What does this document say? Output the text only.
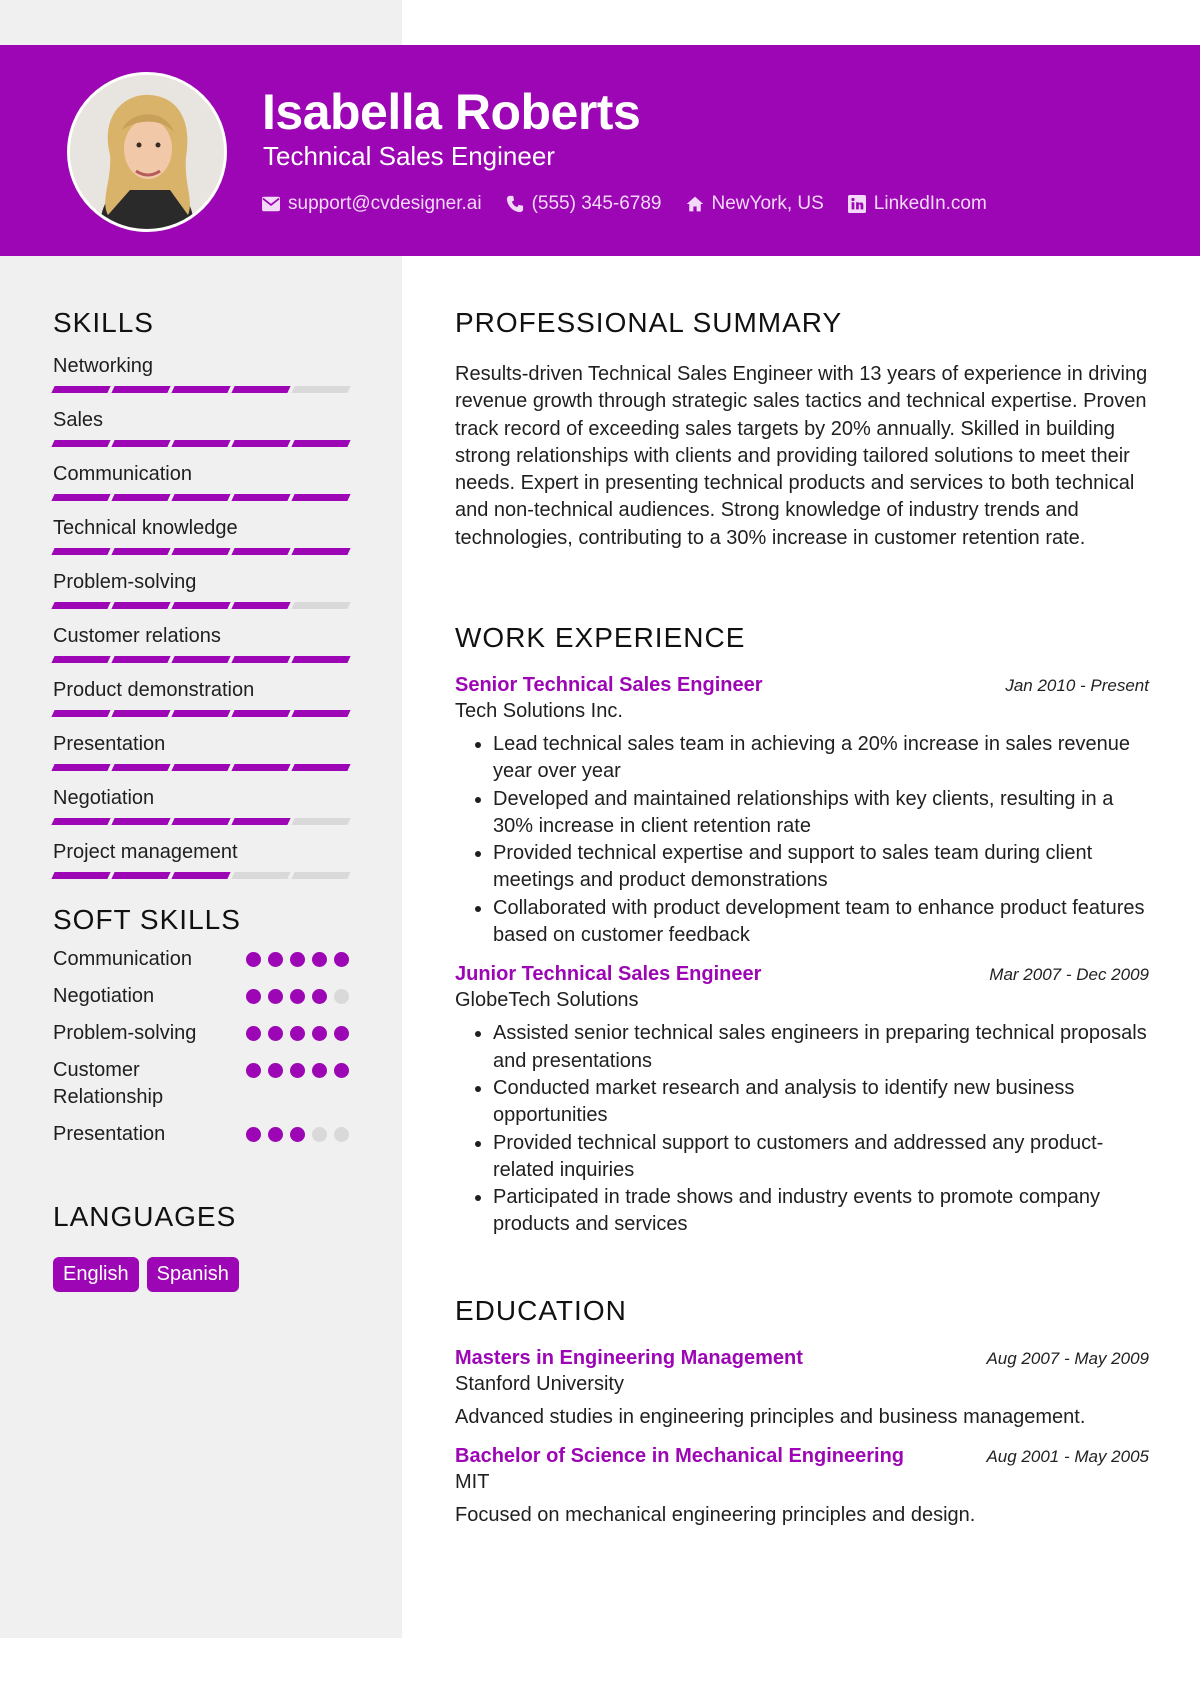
Isabella Roberts
Technical Sales Engineer
support@cvdesigner.ai	(555) 345-6789	NewYork, US	LinkedIn.com
SKILLS
Networking
Sales
Communication
Technical knowledge
Problem-solving
Customer relations
Product demonstration
Presentation
Negotiation
Project management
SOFT SKILLS
Communication
Negotiation
Problem-solving
Customer Relationship
Presentation
LANGUAGES
English	Spanish
PROFESSIONAL SUMMARY

Results-driven Technical Sales Engineer with 13 years of experience in driving revenue growth through strategic sales tactics and technical expertise. Proven track record of exceeding sales targets by 20% annually. Skilled in building strong relationships with clients and providing tailored solutions to meet their needs. Expert in presenting technical products and services to both technical and non-technical audiences. Strong knowledge of industry trends and technologies, contributing to a 30% increase in customer retention rate.

WORK EXPERIENCE
Senior Technical Sales Engineer	Jan 2010 - Present
Tech Solutions Inc.
• Lead technical sales team in achieving a 20% increase in sales revenue year over year
• Developed and maintained relationships with key clients, resulting in a 30% increase in client retention rate
• Provided technical expertise and support to sales team during client meetings and product demonstrations
• Collaborated with product development team to enhance product features based on customer feedback
Junior Technical Sales Engineer	Mar 2007 - Dec 2009
GlobeTech Solutions
• Assisted senior technical sales engineers in preparing technical proposals and presentations
• Conducted market research and analysis to identify new business opportunities
• Provided technical support to customers and addressed any product-related inquiries
• Participated in trade shows and industry events to promote company products and services
EDUCATION
Masters in Engineering Management	Aug 2007 - May 2009
Stanford University

Advanced studies in engineering principles and business management.

Bachelor of Science in Mechanical Engineering	Aug 2001 - May 2005
MIT

Focused on mechanical engineering principles and design.
